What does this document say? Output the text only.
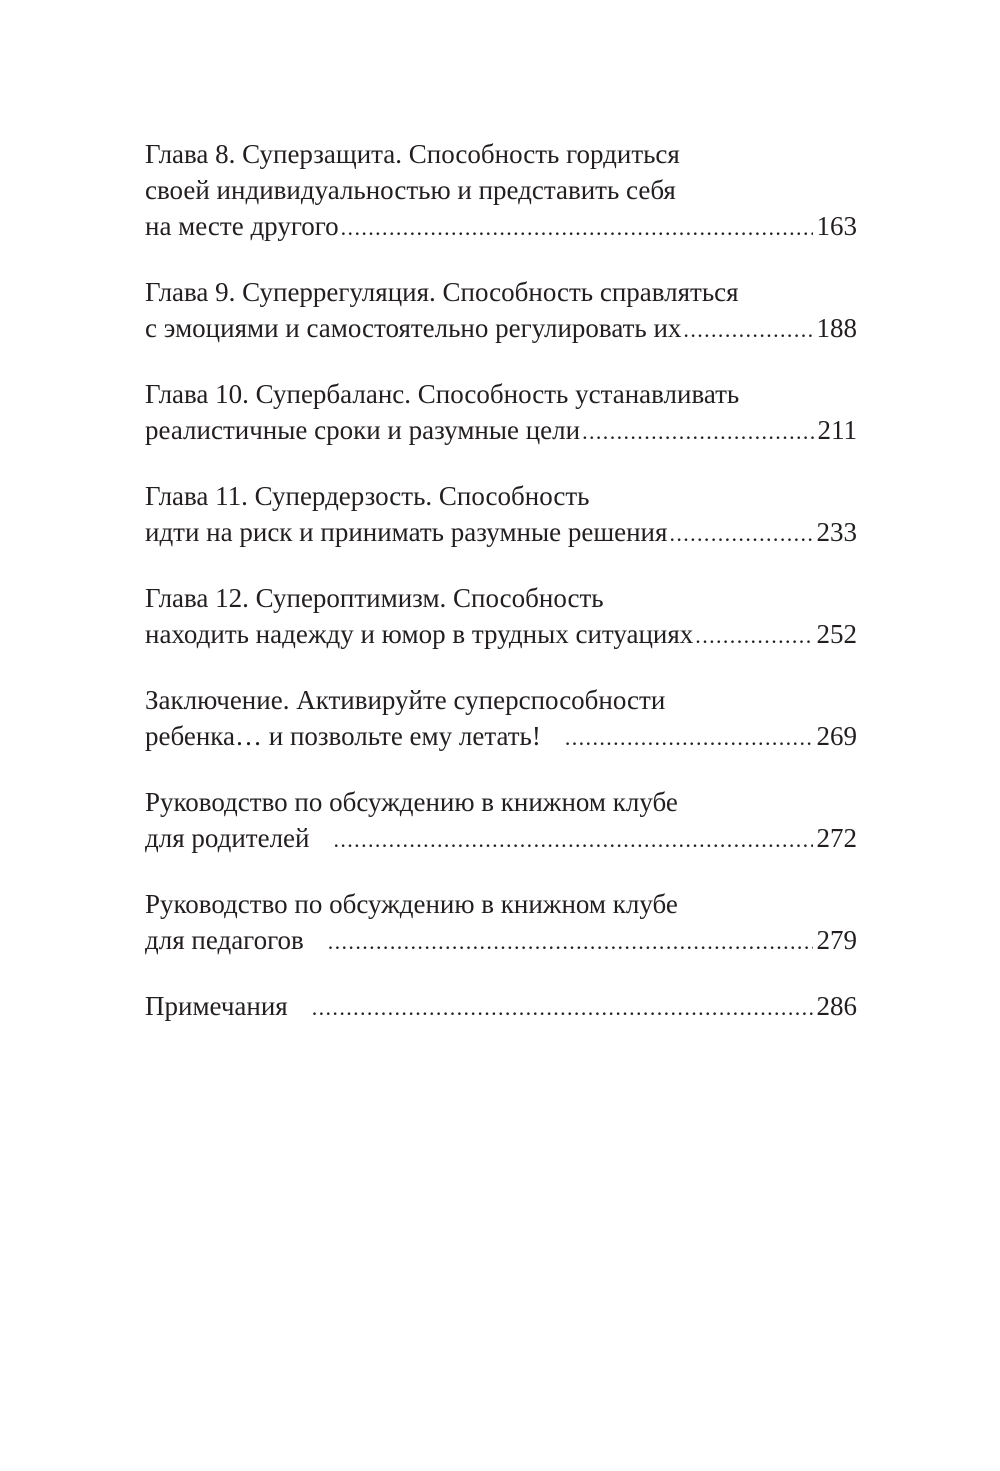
Глава 8. Суперзащита. Способность гордиться
своей индивидуальностью и представить себя
на месте другого .....	163
Глава 9. Суперрегуляция. Способность справляться
с эмоциями и самостоятельно регулировать их .....	188
Глава 10. Супербаланс. Способность устанавливать
реалистичные сроки и разумные цели .....	211
Глава 11. Супердерзость. Способность
идти на риск и принимать разумные решения .....	233
Глава 12. Супероптимизм. Способность
находить надежду и юмор в трудных ситуациях .....	252
Заключение. Активируйте суперспособности
ребенка… и позвольте ему летать! .....	269
Руководство по обсуждению в книжном клубе
для родителей .....	272
Руководство по обсуждению в книжном клубе
для педагогов .....	279
Примечания .....	286
